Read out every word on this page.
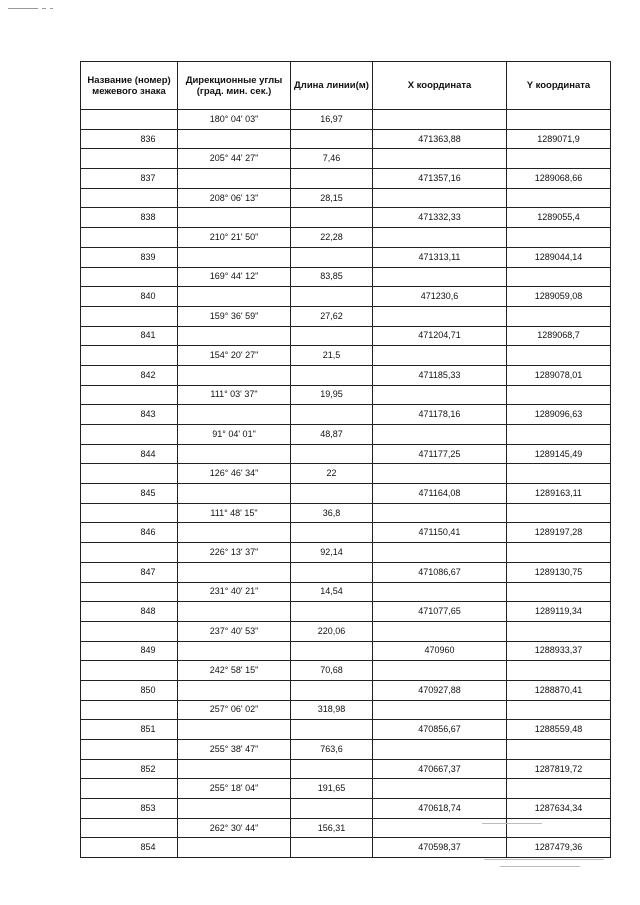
Название (номер) межевого знака	Дирекционные углы (град. мин. сек.)	Длина линии(м)	X координата	Y координата
	180° 04' 03"	16,97		
836			471363,88	1289071,9
	205° 44' 27"	7,46		
837			471357,16	1289068,66
	208° 06' 13"	28,15		
838			471332,33	1289055,4
	210° 21' 50"	22,28		
839			471313,11	1289044,14
	169° 44' 12"	83,85		
840			471230,6	1289059,08
	159° 36' 59"	27,62		
841			471204,71	1289068,7
	154° 20' 27"	21,5		
842			471185,33	1289078,01
	111° 03' 37"	19,95		
843			471178,16	1289096,63
	91° 04' 01"	48,87		
844			471177,25	1289145,49
	126° 46' 34"	22		
845			471164,08	1289163,11
	111° 48' 15"	36,8		
846			471150,41	1289197,28
	226° 13' 37"	92,14		
847			471086,67	1289130,75
	231° 40' 21"	14,54		
848			471077,65	1289119,34
	237° 40' 53"	220,06		
849			470960	1288933,37
	242° 58' 15"	70,68		
850			470927,88	1288870,41
	257° 06' 02"	318,98		
851			470856,67	1288559,48
	255° 38' 47"	763,6		
852			470667,37	1287819,72
	255° 18' 04"	191,65		
853			470618,74	1287634,34
	262° 30' 44"	156,31		
854			470598,37	1287479,36
